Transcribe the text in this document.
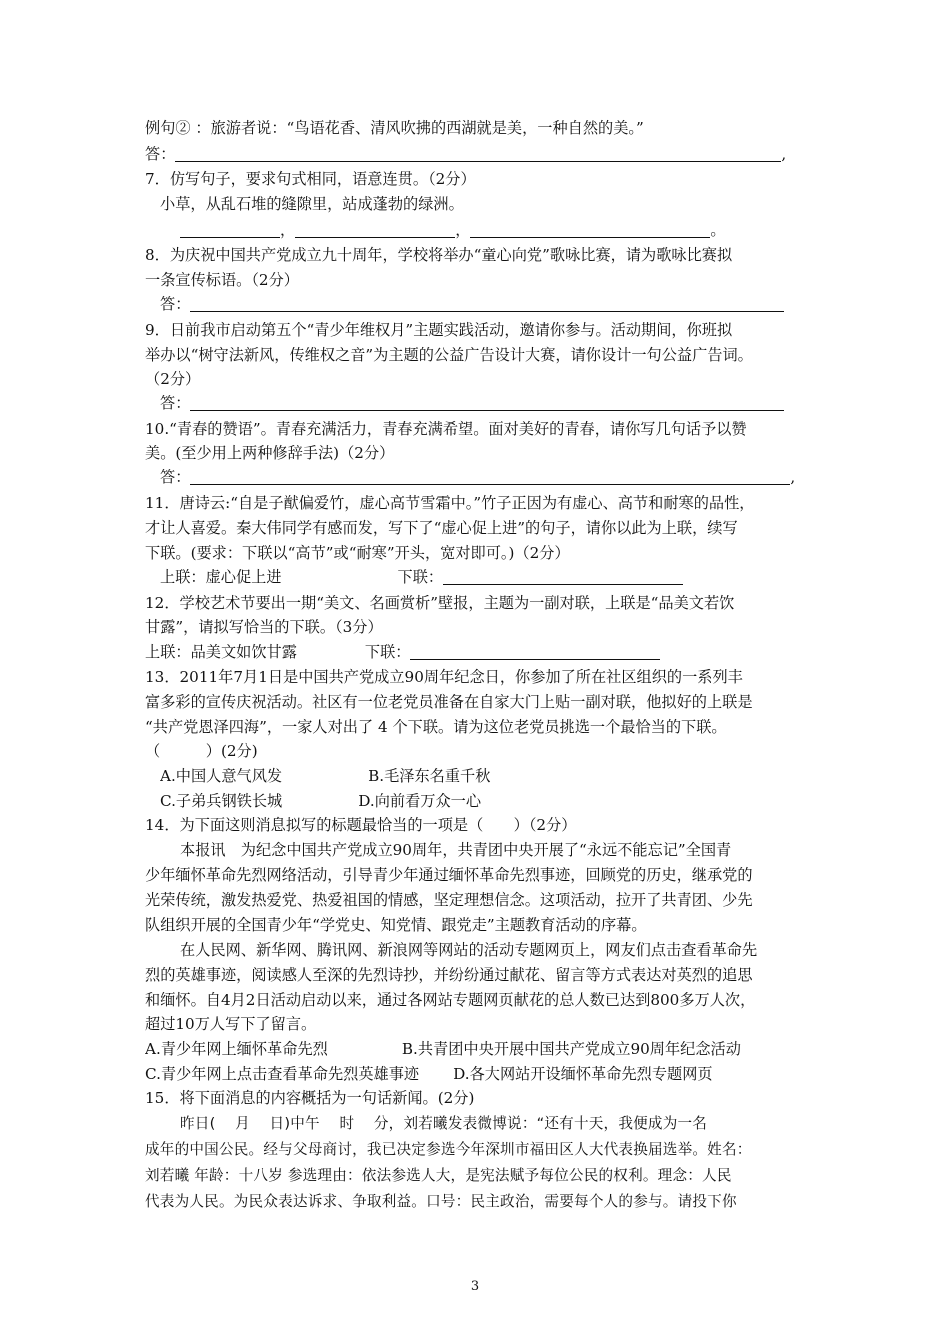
例句② ：旅游者说：“鸟语花香、清风吹拂的西湖就是美，一种自然的美。”
答：	,
7．仿写句子，要求句式相同，语意连贯。（2分）
小草，从乱石堆的缝隙里，站成蓬勃的绿洲。
，	，	。
8．为庆祝中国共产党成立九十周年，学校将举办“童心向党”歌咏比赛，请为歌咏比赛拟
一条宣传标语。（2分）
答：
9．日前我市启动第五个“青少年维权月”主题实践活动，邀请你参与。活动期间，你班拟
举办以“树守法新风，传维权之音”为主题的公益广告设计大赛，请你设计一句公益广告词。
（2分）
答：
10.“青春的赞语”。青春充满活力，青春充满希望。面对美好的青春，请你写几句话予以赞
美。(至少用上两种修辞手法)（2分）
答：	,
11．唐诗云:“自是子猷偏爱竹，虚心高节雪霜中。”竹子正因为有虚心、高节和耐寒的品性，
才让人喜爱。秦大伟同学有感而发，写下了“虚心促上进”的句子，请你以此为上联，续写
下联。(要求：下联以“高节”或“耐寒”开头，宽对即可。)（2分）
上联：虚心促上进	下联：
12．学校艺术节要出一期“美文、名画赏析”壁报，主题为一副对联，上联是“品美文若饮
甘露”，请拟写恰当的下联。（3分）
上联：品美文如饮甘露	下联：
13．2011年7月1日是中国共产党成立90周年纪念日，你参加了所在社区组织的一系列丰
富多彩的宣传庆祝活动。社区有一位老党员准备在自家大门上贴一副对联，他拟好的上联是
“共产党恩泽四海”，一家人对出了 4 个下联。请为这位老党员挑选一个最恰当的下联。
（　　　）(2分)
A.中国人意气风发	B.毛泽东名重千秋
C.子弟兵钢铁长城	D.向前看万众一心
14．为下面这则消息拟写的标题最恰当的一项是（　　）（2分）
本报讯　为纪念中国共产党成立90周年，共青团中央开展了“永远不能忘记”全国青
少年缅怀革命先烈网络活动，引导青少年通过缅怀革命先烈事迹，回顾党的历史，继承党的
光荣传统，激发热爱党、热爱祖国的情感，坚定理想信念。这项活动，拉开了共青团、少先
队组织开展的全国青少年“学党史、知党情、跟党走”主题教育活动的序幕。
在人民网、新华网、腾讯网、新浪网等网站的活动专题网页上，网友们点击查看革命先
烈的英雄事迹，阅读感人至深的先烈诗抄，并纷纷通过献花、留言等方式表达对英烈的追思
和缅怀。自4月2日活动启动以来，通过各网站专题网页献花的总人数已达到800多万人次，
超过10万人写下了留言。
A.青少年网上缅怀革命先烈	B.共青团中央开展中国共产党成立90周年纪念活动
C.青少年网上点击查看革命先烈英雄事迹 D.各大网站开设缅怀革命先烈专题网页
15．将下面消息的内容概括为一句话新闻。(2分)
昨日(　 月　 日)中午　 时　 分，刘若曦发表微博说：“还有十天，我便成为一名
成年的中国公民。经与父母商讨，我已决定参选今年深圳市福田区人大代表换届选举。姓名：
刘若曦 年龄：十八岁 参选理由：依法参选人大，是宪法赋予每位公民的权利。理念：人民
代表为人民。为民众表达诉求、争取利益。口号：民主政治，需要每个人的参与。请投下你
3
